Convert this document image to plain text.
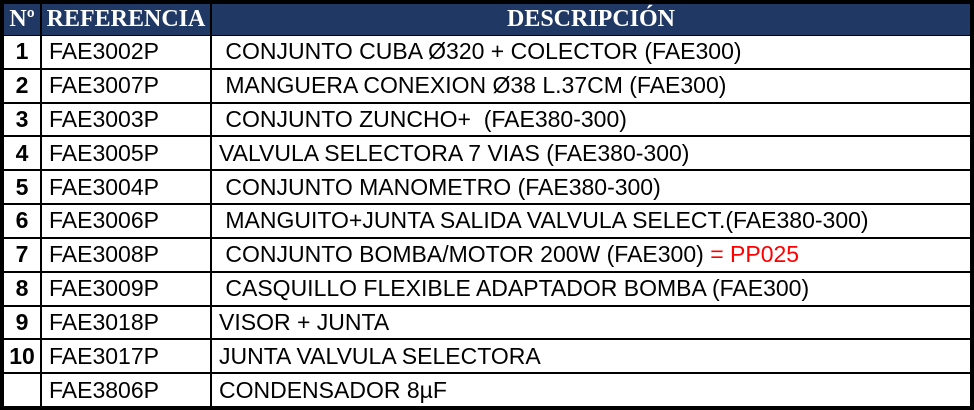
Nº REFERENCIA	DESCRIPCIÓN
1 FAE3002P	CONJUNTO CUBA Ø320 + COLECTOR (FAE300)
2 FAE3007P	MANGUERA CONEXION Ø38 L.37CM (FAE300)
3 FAE3003P	CONJUNTO ZUNCHO+  (FAE380-300)
4 FAE3005P	VALVULA SELECTORA 7 VIAS (FAE380-300)
5 FAE3004P	CONJUNTO MANOMETRO (FAE380-300)
6 FAE3006P	MANGUITO+JUNTA SALIDA VALVULA SELECT.(FAE380-300)
7 FAE3008P	CONJUNTO BOMBA/MOTOR 200W (FAE300) = PP025
8 FAE3009P	CASQUILLO FLEXIBLE ADAPTADOR BOMBA (FAE300)
9 FAE3018P	VISOR + JUNTA
10 FAE3017P	JUNTA VALVULA SELECTORA
FAE3806P	CONDENSADOR 8µF
